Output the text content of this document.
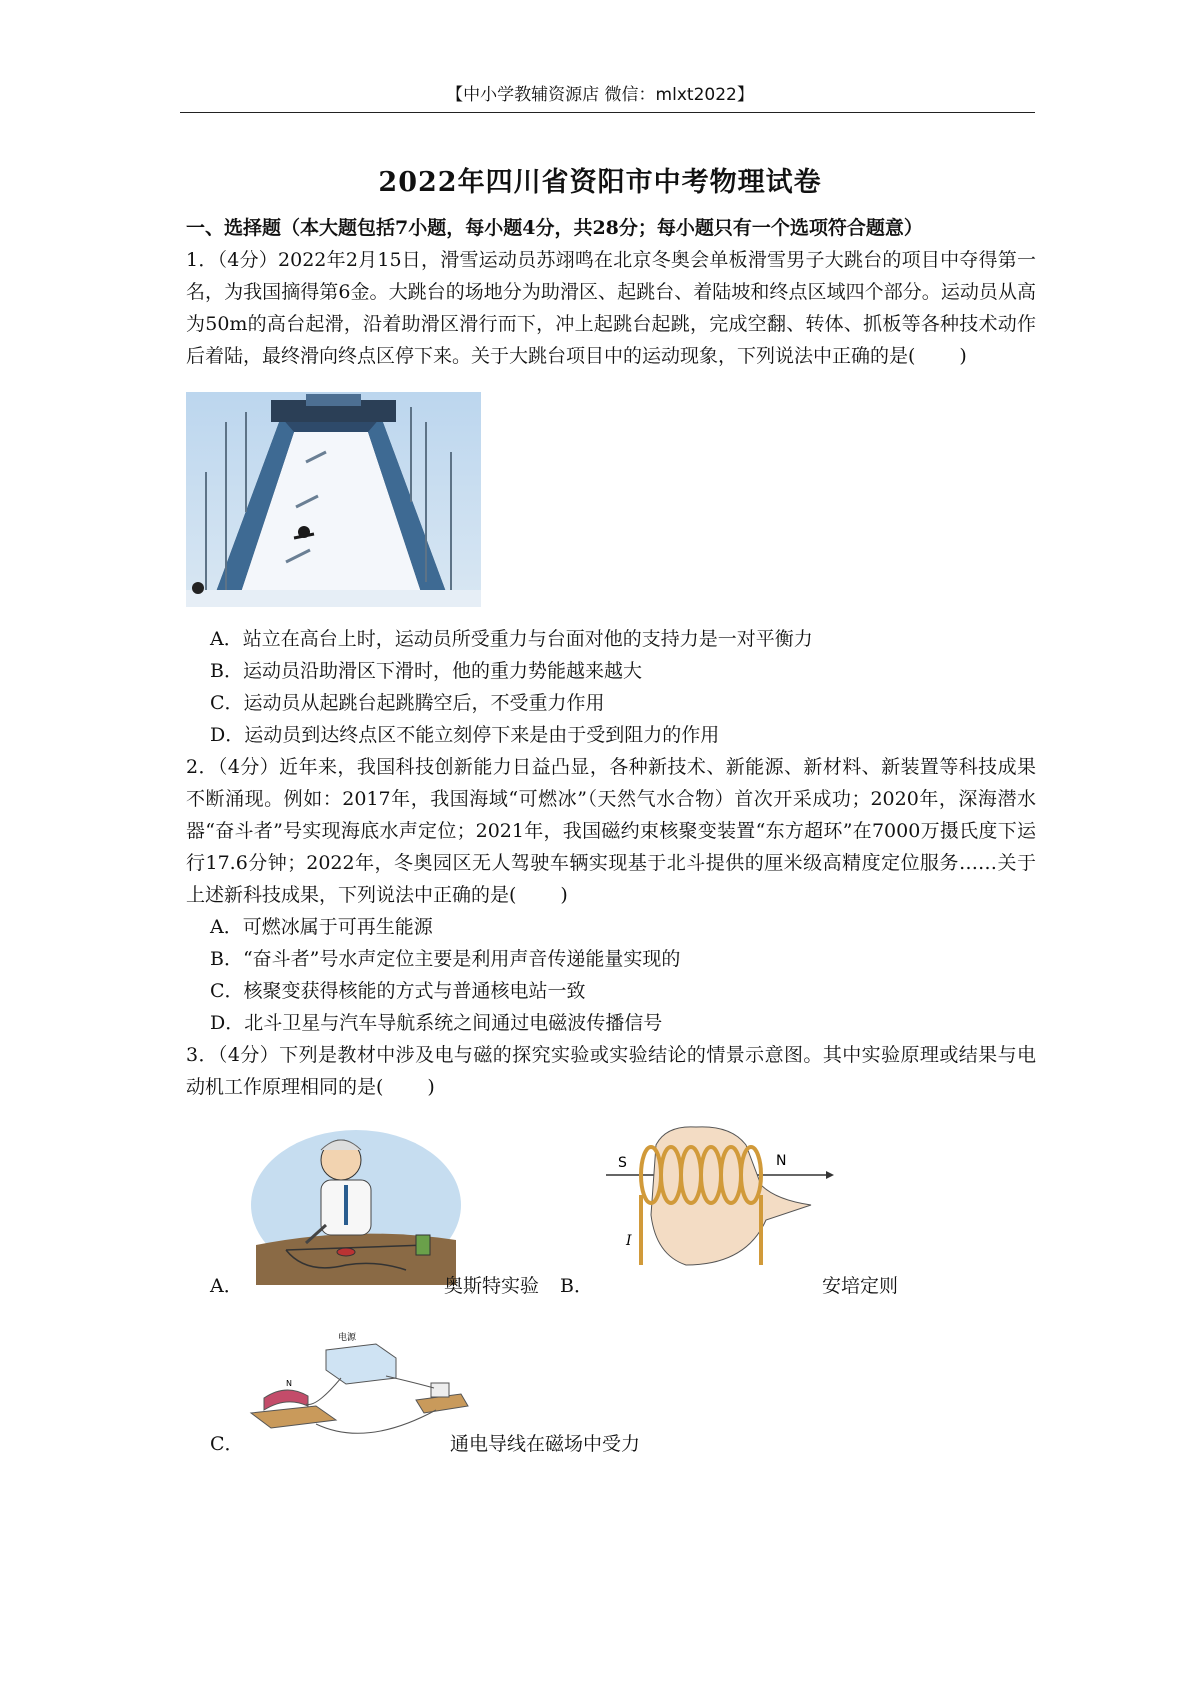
【中小学教辅资源店 微信：mlxt2022】
2022年四川省资阳市中考物理试卷

一、选择题（本大题包括7小题，每小题4分，共28分；每小题只有一个选项符合题意）

1．（4分）2022年2月15日，滑雪运动员苏翊鸣在北京冬奥会单板滑雪男子大跳台的项目中夺得第一名，为我国摘得第6金。大跳台的场地分为助滑区、起跳台、着陆坡和终点区域四个部分。运动员从高为50m的高台起滑，沿着助滑区滑行而下，冲上起跳台起跳，完成空翻、转体、抓板等各种技术动作后着陆，最终滑向终点区停下来。关于大跳台项目中的运动现象，下列说法中正确的是( )

A．站立在高台上时，运动员所受重力与台面对他的支持力是一对平衡力

B．运动员沿助滑区下滑时，他的重力势能越来越大

C．运动员从起跳台起跳腾空后，不受重力作用

D．运动员到达终点区不能立刻停下来是由于受到阻力的作用

2．（4分）近年来，我国科技创新能力日益凸显，各种新技术、新能源、新材料、新装置等科技成果不断涌现。例如：2017年，我国海域“可燃冰”（天然气水合物）首次开采成功；2020年，深海潜水器“奋斗者”号实现海底水声定位；2021年，我国磁约束核聚变装置“东方超环”在7000万摄氏度下运行17.6分钟；2022年，冬奥园区无人驾驶车辆实现基于北斗提供的厘米级高精度定位服务……关于上述新科技成果，下列说法中正确的是( )

A．可燃冰属于可再生能源

B．“奋斗者”号水声定位主要是利用声音传递能量实现的

C．核聚变获得核能的方式与普通核电站一致

D．北斗卫星与汽车导航系统之间通过电磁波传播信号

3．（4分）下列是教材中涉及电与磁的探究实验或实验结论的情景示意图。其中实验原理或结果与电动机工作原理相同的是( )

A．	奥斯特实验 B．
S	N
I
安培定则
C．
电源
N
通电导线在磁场中受力
